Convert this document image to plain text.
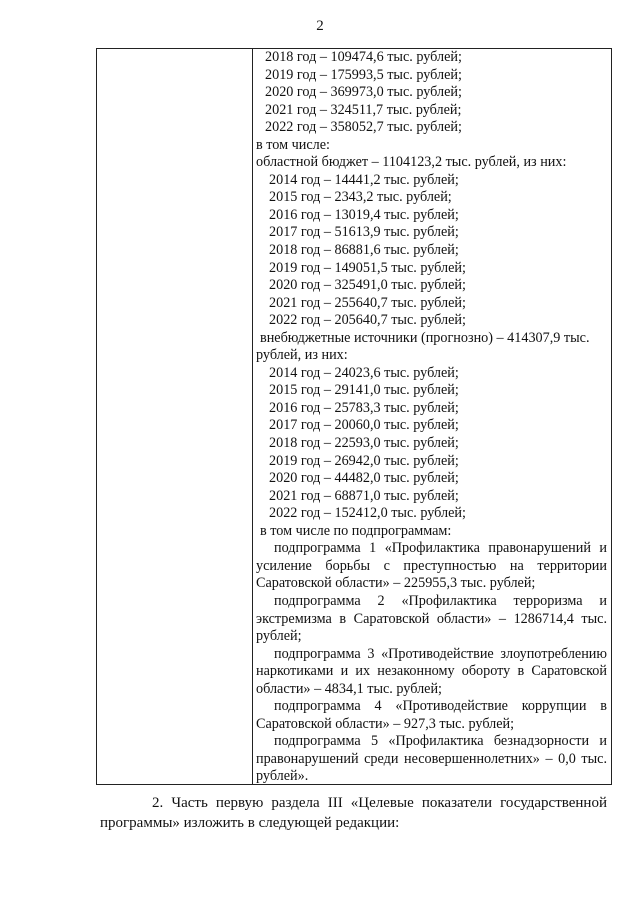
2
2018 год – 109474,6 тыс. рублей;
2019 год – 175993,5 тыс. рублей;
2020 год – 369973,0 тыс. рублей;
2021 год – 324511,7 тыс. рублей;
2022 год – 358052,7 тыс. рублей;
в том числе:
областной бюджет – 1104123,2 тыс. рублей, из них:
2014 год – 14441,2 тыс. рублей;
2015 год – 2343,2 тыс. рублей;
2016 год – 13019,4 тыс. рублей;
2017 год – 51613,9 тыс. рублей;
2018 год – 86881,6 тыс. рублей;
2019 год – 149051,5 тыс. рублей;
2020 год – 325491,0 тыс. рублей;
2021 год – 255640,7 тыс. рублей;
2022 год – 205640,7 тыс. рублей;
внебюджетные источники (прогнозно) – 414307,9 тыс.
рублей, из них:
2014 год – 24023,6 тыс. рублей;
2015 год – 29141,0 тыс. рублей;
2016 год – 25783,3 тыс. рублей;
2017 год – 20060,0 тыс. рублей;
2018 год – 22593,0 тыс. рублей;
2019 год – 26942,0 тыс. рублей;
2020 год – 44482,0 тыс. рублей;
2021 год – 68871,0 тыс. рублей;
2022 год – 152412,0 тыс. рублей;
в том числе по подпрограммам:
подпрограмма 1 «Профилактика правонарушений и усиление борьбы с преступностью на территории Саратовской области» – 225955,3 тыс. рублей;
подпрограмма 2 «Профилактика терроризма и экстремизма в Саратовской области» – 1286714,4 тыс. рублей;
подпрограмма 3 «Противодействие злоупотреблению наркотиками и их незаконному обороту в Саратовской области» – 4834,1 тыс. рублей;
подпрограмма 4 «Противодействие коррупции в Саратовской области» – 927,3 тыс. рублей;
подпрограмма 5 «Профилактика безнадзорности и правонарушений среди несовершеннолетних» – 0,0 тыс. рублей».
2. Часть первую раздела III «Целевые показатели государственной
программы» изложить в следующей редакции:
